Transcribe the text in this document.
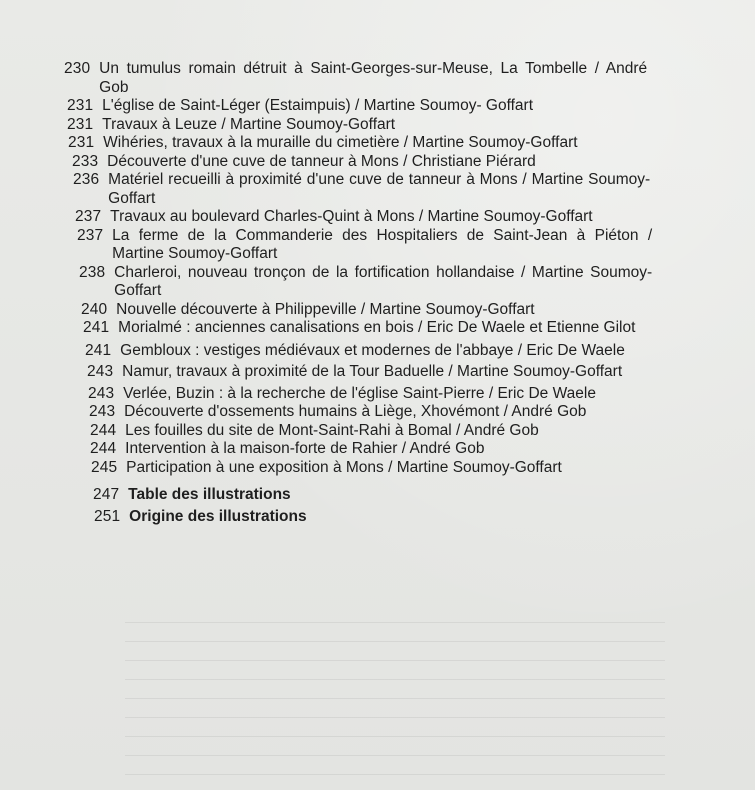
230 Un tumulus romain détruit à Saint-Georges-sur-Meuse, La Tombelle / André Gob
231 L'église de Saint-Léger (Estaimpuis) / Martine Soumoy- Goffart
231 Travaux à Leuze / Martine Soumoy-Goffart
231 Wihéries, travaux à la muraille du cimetière / Martine Soumoy-Goffart
233 Découverte d'une cuve de tanneur à Mons / Christiane Piérard
236 Matériel recueilli à proximité d'une cuve de tanneur à Mons / Martine Soumoy-Goffart
237 Travaux au boulevard Charles-Quint à Mons / Martine Soumoy-Goffart
237 La ferme de la Commanderie des Hospitaliers de Saint-Jean à Piéton / Martine Soumoy-Goffart
238 Charleroi, nouveau tronçon de la fortification hollandaise / Martine Soumoy-Goffart
240 Nouvelle découverte à Philippeville / Martine Soumoy-Goffart
241 Morialmé : anciennes canalisations en bois / Eric De Waele et Etienne Gilot
241 Gembloux : vestiges médiévaux et modernes de l'abbaye / Eric De Waele
243 Namur, travaux à proximité de la Tour Baduelle / Martine Soumoy-Goffart
243 Verlée, Buzin : à la recherche de l'église Saint-Pierre / Eric De Waele
243 Découverte d'ossements humains à Liège, Xhovémont / André Gob
244 Les fouilles du site de Mont-Saint-Rahi à Bomal / André Gob
244 Intervention à la maison-forte de Rahier / André Gob
245 Participation à une exposition à Mons / Martine Soumoy-Goffart
247 Table des illustrations
251 Origine des illustrations
